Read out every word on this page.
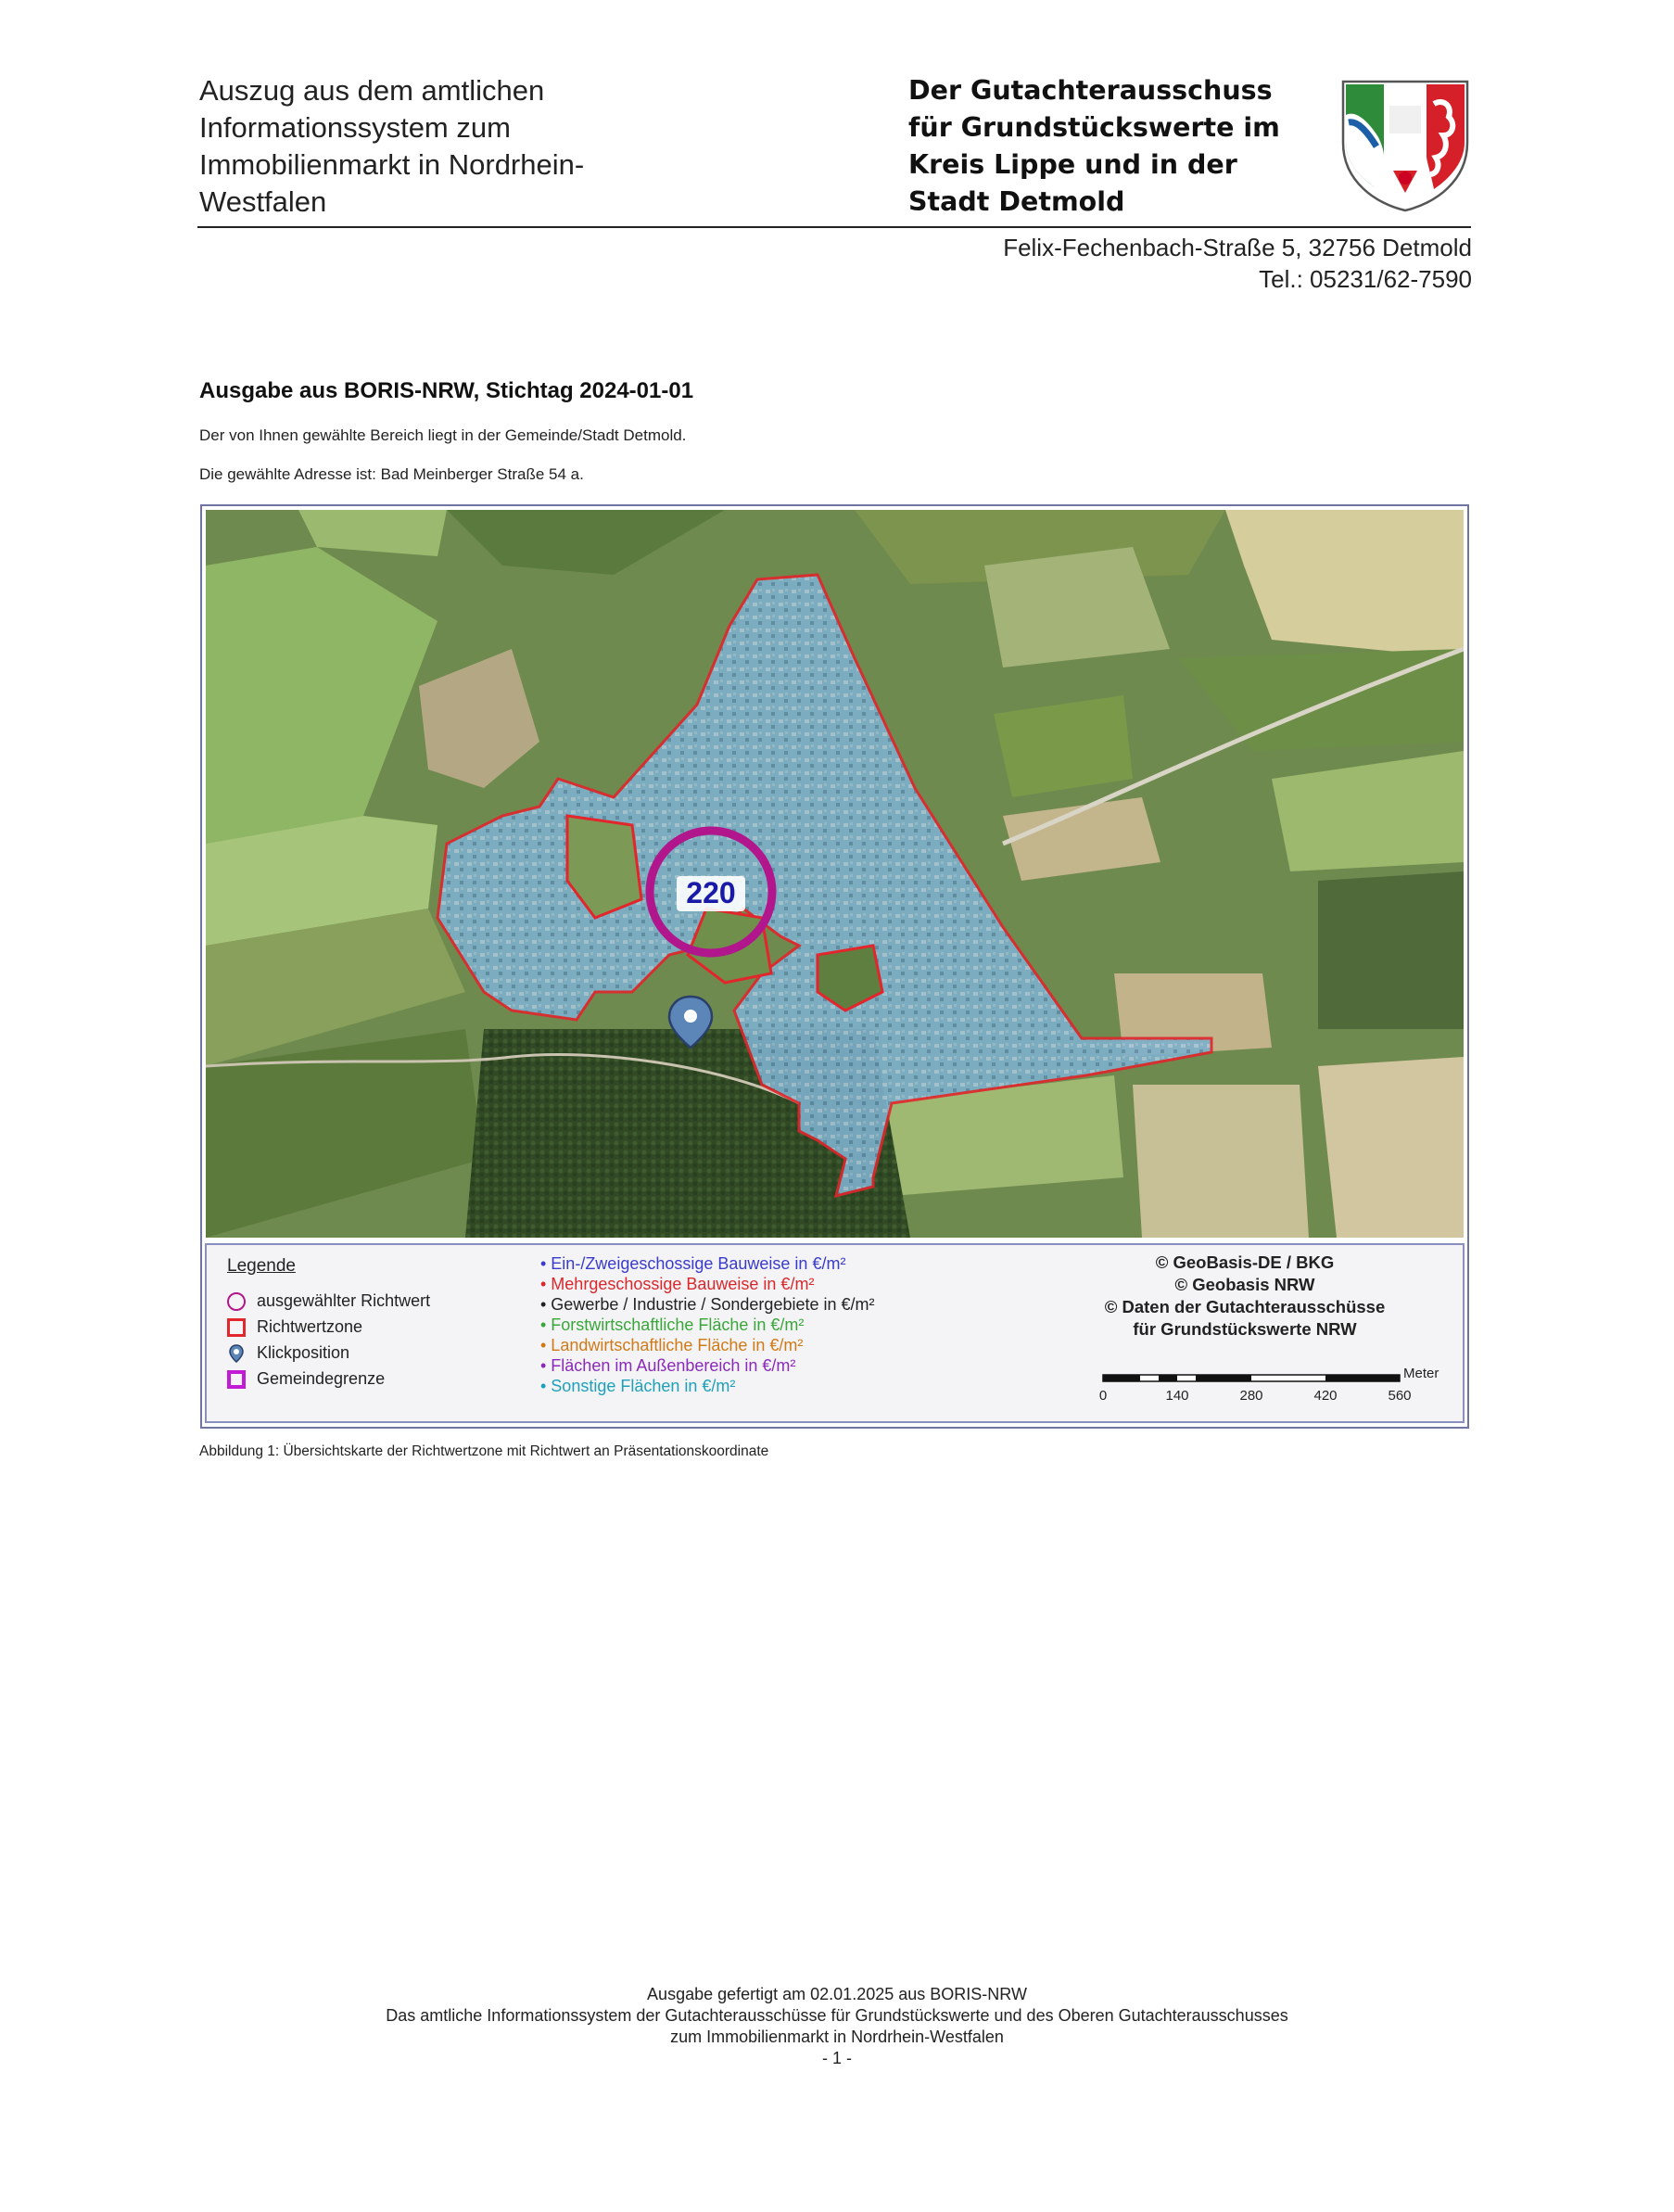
Auszug aus dem amtlichen
Informationssystem zum
Immobilienmarkt in Nordrhein-
Westfalen
Der Gutachterausschuss
für Grundstückswerte im
Kreis Lippe und in der
Stadt Detmold
Felix-Fechenbach-Straße 5, 32756 Detmold
Tel.: 05231/62-7590
Ausgabe aus BORIS-NRW, Stichtag 2024-01-01
Der von Ihnen gewählte Bereich liegt in der Gemeinde/Stadt Detmold.
Die gewählte Adresse ist: Bad Meinberger Straße 54 a.
220
Legende
ausgewählter Richtwert
Richtwertzone
Klickposition
Gemeindegrenze
• Ein-/Zweigeschossige Bauweise in €/m²
• Mehrgeschossige Bauweise in €/m²
• Gewerbe / Industrie / Sondergebiete in €/m²
• Forstwirtschaftliche Fläche in €/m²
• Landwirtschaftliche Fläche in €/m²
• Flächen im Außenbereich in €/m²
• Sonstige Flächen in €/m²
© GeoBasis-DE / BKG
© Geobasis NRW
© Daten der Gutachterausschüsse
für Grundstückswerte NRW
Meter
0	140	280	420	560
Abbildung 1: Übersichtskarte der Richtwertzone mit Richtwert an Präsentationskoordinate
Ausgabe gefertigt am 02.01.2025 aus BORIS-NRW
Das amtliche Informationssystem der Gutachterausschüsse für Grundstückswerte und des Oberen Gutachterausschusses
zum Immobilienmarkt in Nordrhein-Westfalen
- 1 -
